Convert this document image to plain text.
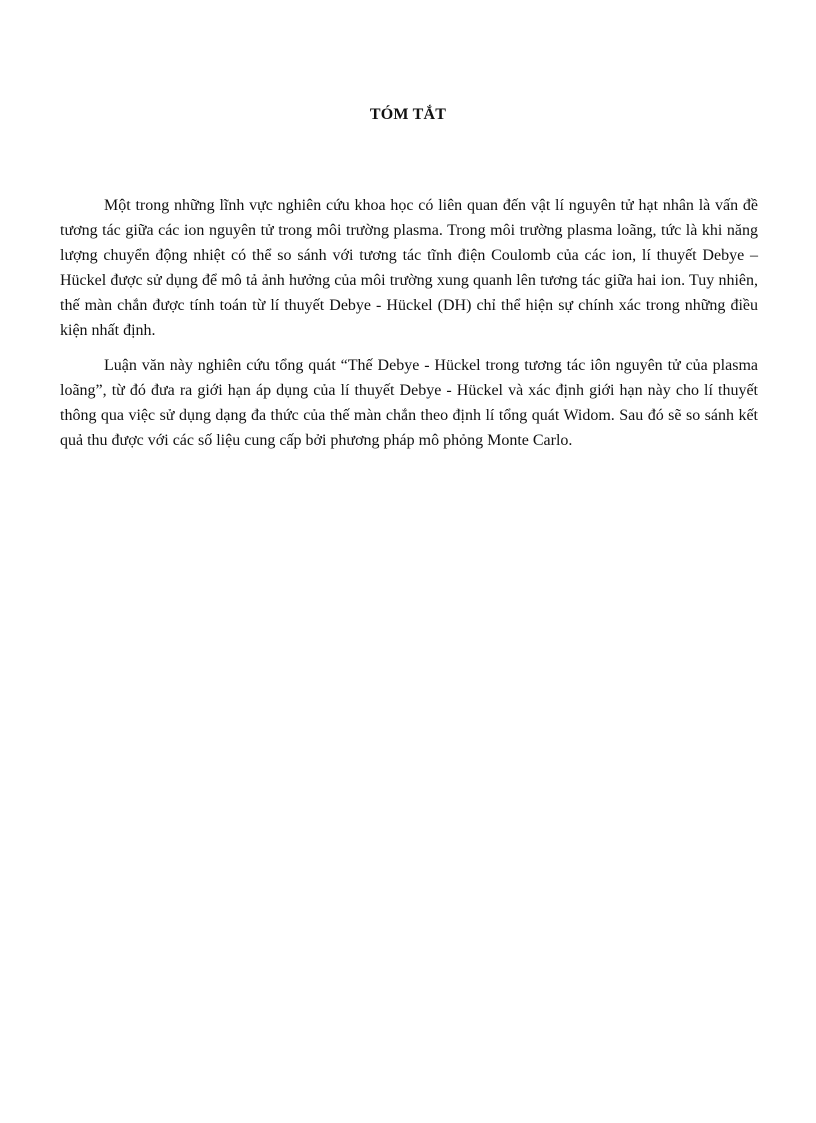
TÓM TẮT

Một trong những lĩnh vực nghiên cứu khoa học có liên quan đến vật lí nguyên tử hạt nhân là vấn đề tương tác giữa các ion nguyên tử trong môi trường plasma. Trong môi trường plasma loãng, tức là khi năng lượng chuyển động nhiệt có thể so sánh với tương tác tĩnh điện Coulomb của các ion, lí thuyết Debye – Hückel được sử dụng để mô tả ảnh hưởng của môi trường xung quanh lên tương tác giữa hai ion. Tuy nhiên, thế màn chắn được tính toán từ lí thuyết Debye - Hückel (DH) chỉ thể hiện sự chính xác trong những điều kiện nhất định.

Luận văn này nghiên cứu tổng quát “Thế Debye - Hückel trong tương tác iôn nguyên tử của plasma loãng”, từ đó đưa ra giới hạn áp dụng của lí thuyết Debye - Hückel và xác định giới hạn này cho lí thuyết thông qua việc sử dụng dạng đa thức của thế màn chắn theo định lí tổng quát Widom. Sau đó sẽ so sánh kết quả thu được với các số liệu cung cấp bởi phương pháp mô phỏng Monte Carlo.
